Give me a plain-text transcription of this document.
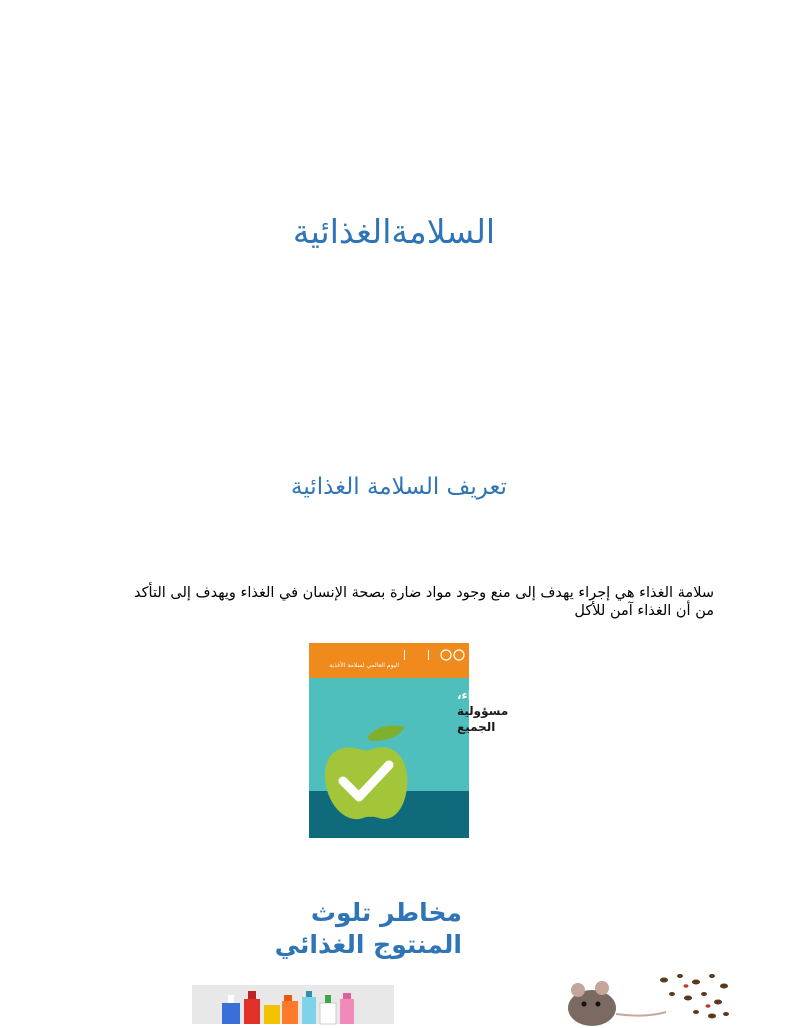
السلامةالغذائية
تعريف السلامة الغذائية
سلامة الغذاء هي إجراء يهدف إلى منع وجود مواد ضارة بصحة الإنسان في الغذاء ويهدف إلى التأكد
من أن الغذاء آمن للأكل
اليوم العالمي لسلامة الأغذية
سلامة الغذاء،
مسؤولية
الجميع
مخاطر تلوث
المنتوج الغذائي
